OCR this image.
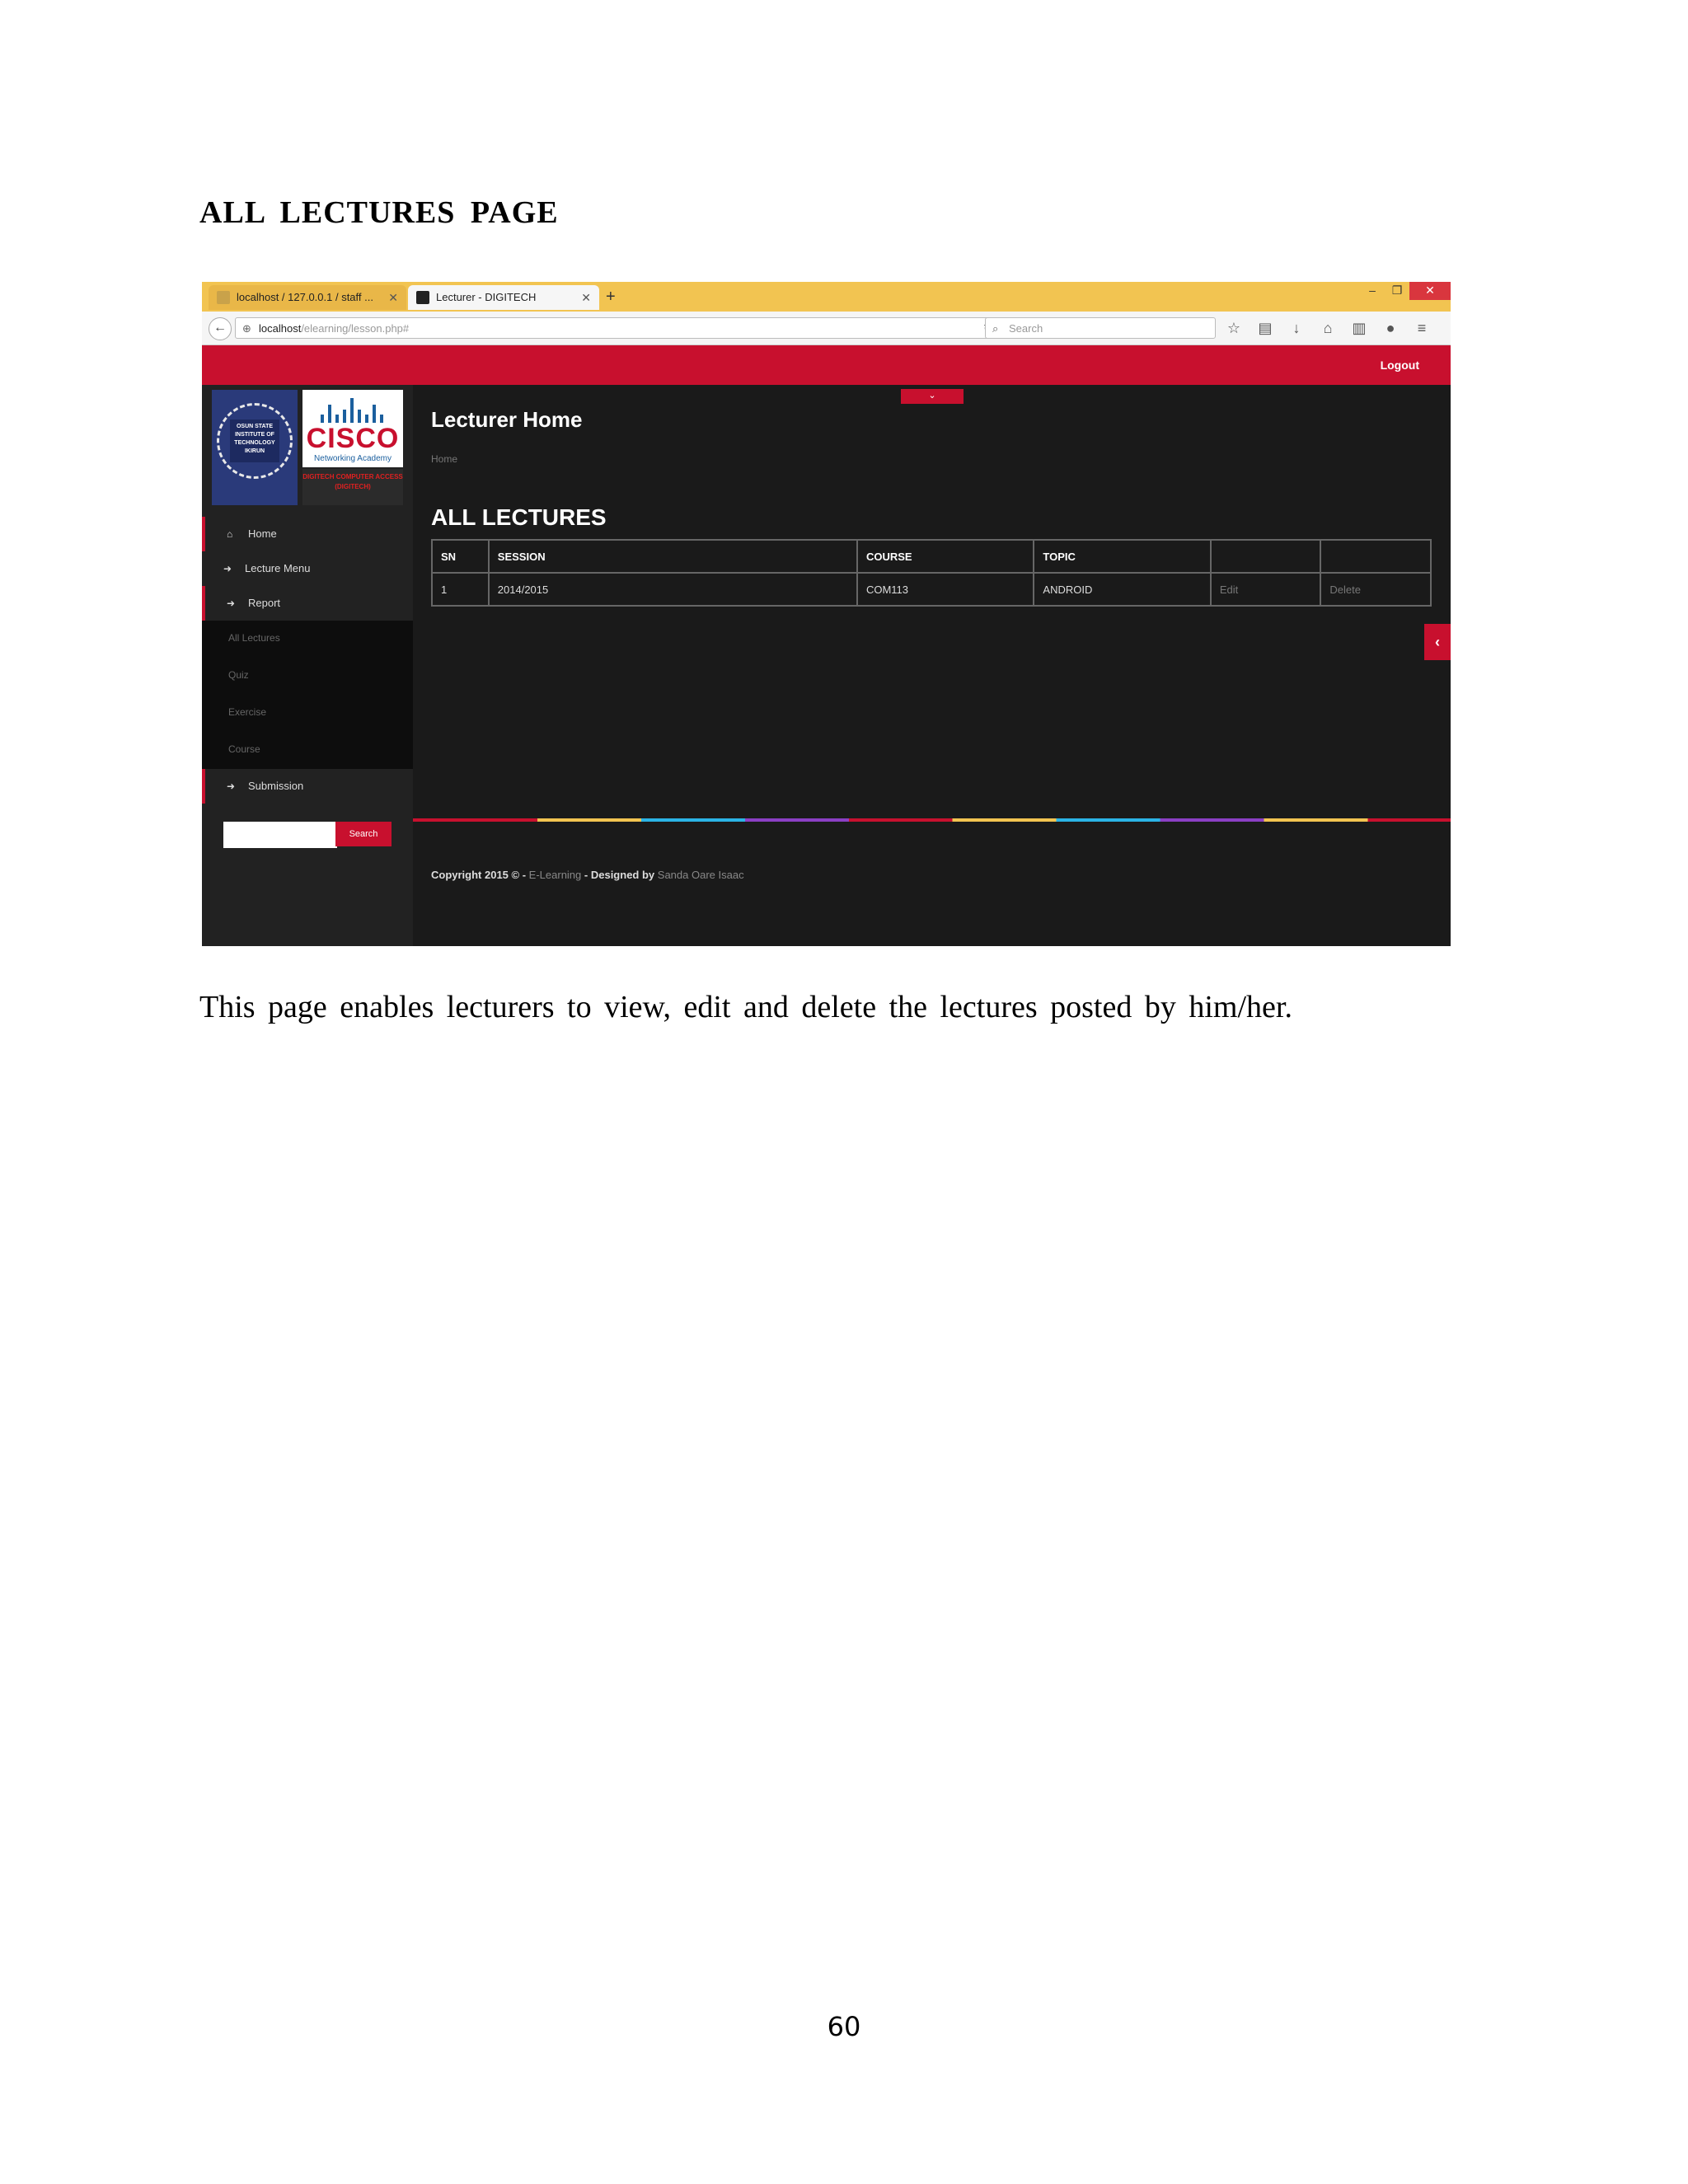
ALL LECTURES PAGE
localhost / 127.0.0.1 / staff ... ✕	Lecturer - DIGITECH	✕ +	–	❐	✕
←	⊕ localhost/elearning/lesson.php#	⌕ Search	☆ ▤	↓	⌂	▥	●	≡
Logout
⌄
OSUN STATE INSTITUTE OF TECHNOLOGY IKIRUN	CISCO
Networking Academy
DIGITECH COMPUTER ACCESS (DIGITECH)
⌂ Home
➜ Lecture Menu
➜ Report
All Lectures
Quiz
Exercise
Course
➜ Submission
Search
Lecturer Home
Home
ALL LECTURES
SN	SESSION	COURSE	TOPIC		
1	2014/2015	COM113	ANDROID	Edit	Delete
‹
Copyright 2015 © - E-Learning - Designed by Sanda Oare Isaac

This page enables lecturers to view, edit and delete the lectures posted by him/her.

60
